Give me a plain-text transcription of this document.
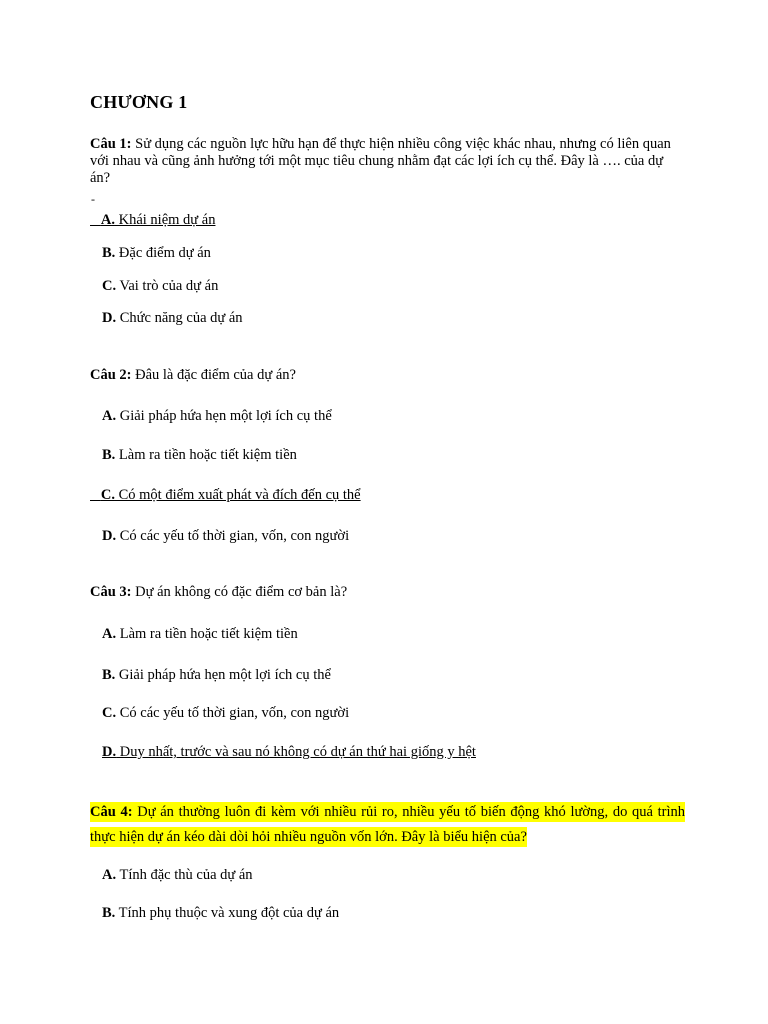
CHƯƠNG 1
Câu 1: Sử dụng các nguồn lực hữu hạn để thực hiện nhiều công việc khác nhau, nhưng có liên quan với nhau và cũng ảnh hưởng tới một mục tiêu chung nhằm đạt các lợi ích cụ thể. Đây là …. của dự án?
-
A. Khái niệm dự án
B. Đặc điểm dự án
C. Vai trò của dự án
D. Chức năng của dự án
Câu 2: Đâu là đặc điểm của dự án?
A. Giải pháp hứa hẹn một lợi ích cụ thể
B. Làm ra tiền hoặc tiết kiệm tiền
C. Có một điểm xuất phát và đích đến cụ thể
D. Có các yếu tố thời gian, vốn, con người
Câu 3: Dự án không có đặc điểm cơ bản là?
A. Làm ra tiền hoặc tiết kiệm tiền
B. Giải pháp hứa hẹn một lợi ích cụ thể
C. Có các yếu tố thời gian, vốn, con người
D. Duy nhất, trước và sau nó không có dự án thứ hai giống y hệt
Câu 4: Dự án thường luôn đi kèm với nhiều rủi ro, nhiều yếu tố biến động khó lường, do quá trình thực hiện dự án kéo dài dòi hỏi nhiều nguồn vốn lớn. Đây là biểu hiện của?
A. Tính đặc thù của dự án
B. Tính phụ thuộc và xung đột của dự án
